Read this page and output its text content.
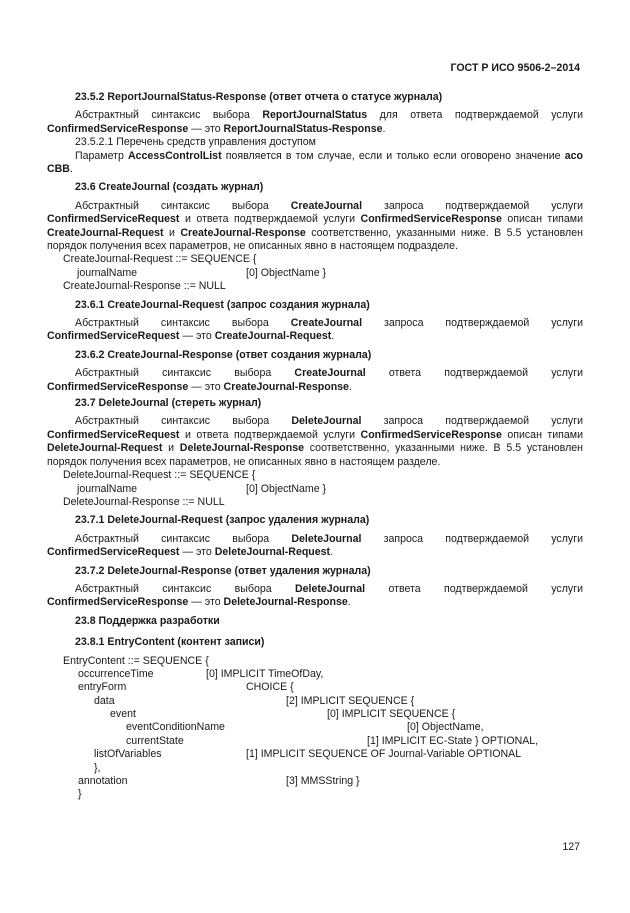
ГОСТ Р ИСО 9506-2–2014

23.5.2 ReportJournalStatus-Response (ответ отчета о статусе журнала)

Абстрактный синтаксис выбора ReportJournalStatus для ответа подтверждаемой услуги ConfirmedServiceResponse — это ReportJournalStatus-Response.

23.5.2.1 Перечень средств управления доступом

Параметр AccessControlList появляется в том случае, если и только если оговорено значение aco CBB.

23.6 CreateJournal (создать журнал)

Абстрактный синтаксис выбора CreateJournal запроса подтверждаемой услуги ConfirmedServiceRequest и ответа подтверждаемой услуги ConfirmedServiceResponse описан типами CreateJournal-Request и CreateJournal-Response соответственно, указанными ниже. В 5.5 установлен порядок получения всех параметров, не описанных явно в настоящем подразделе.

CreateJournal-Request ::= SEQUENCE {
journalName	[0] ObjectName }
CreateJournal-Response ::= NULL

23.6.1 CreateJournal-Request (запрос создания журнала)

Абстрактный синтаксис выбора CreateJournal запроса подтверждаемой услуги ConfirmedServiceRequest — это CreateJournal-Request.

23.6.2 CreateJournal-Response (ответ создания журнала)

Абстрактный синтаксис выбора CreateJournal ответа подтверждаемой услуги ConfirmedServiceResponse — это CreateJournal-Response.

23.7 DeleteJournal (стереть журнал)

Абстрактный синтаксис выбора DeleteJournal запроса подтверждаемой услуги ConfirmedServiceRequest и ответа подтверждаемой услуги ConfirmedServiceResponse описан типами DeleteJournal-Request и DeleteJournal-Response соответственно, указанными ниже. В 5.5 установлен порядок получения всех параметров, не описанных явно в настоящем разделе.

DeleteJournal-Request ::= SEQUENCE {
journalName	[0] ObjectName }
DeleteJournal-Response ::= NULL

23.7.1 DeleteJournal-Request (запрос удаления журнала)

Абстрактный синтаксис выбора DeleteJournal запроса подтверждаемой услуги ConfirmedServiceRequest — это DeleteJournal-Request.

23.7.2 DeleteJournal-Response (ответ удаления журнала)

Абстрактный синтаксис выбора DeleteJournal ответа подтверждаемой услуги ConfirmedServiceResponse — это DeleteJournal-Response.

23.8 Поддержка разработки

23.8.1 EntryContent (контент записи)

EntryContent ::= SEQUENCE {
occurrenceTime	[0] IMPLICIT TimeOfDay,
entryForm	CHOICE {
data	[2] IMPLICIT SEQUENCE {
event	[0] IMPLICIT SEQUENCE {
eventConditionName	[0] ObjectName,
currentState	[1] IMPLICIT EC-State } OPTIONAL,
listOfVariables	[1] IMPLICIT SEQUENCE OF Journal-Variable OPTIONAL
},
annotation	[3] MMSString }
}
127
